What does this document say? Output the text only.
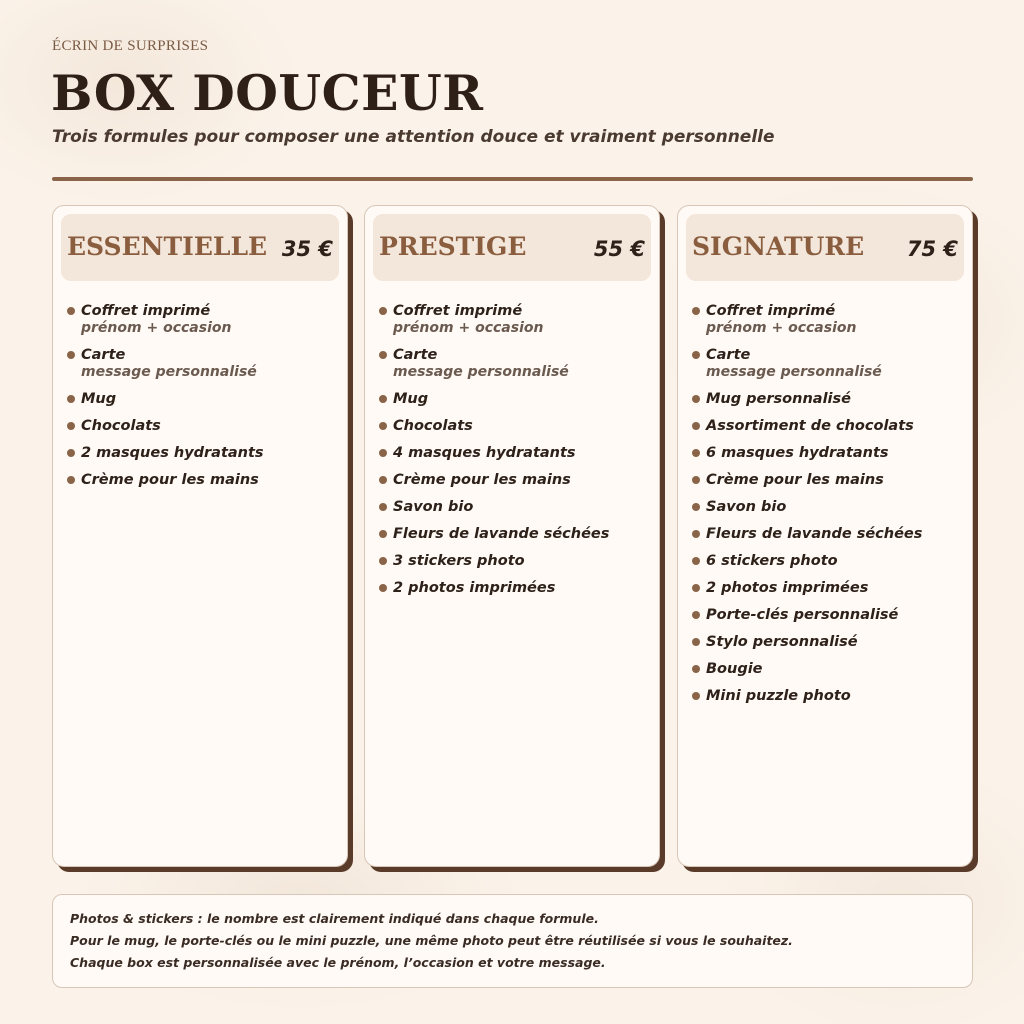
ÉCRIN DE SURPRISES
BOX DOUCEUR
Trois formules pour composer une attention douce et vraiment personnelle
ESSENTIELLE 35 €
Coffret imprimé
prénom + occasion
Carte
message personnalisé
Mug
Chocolats
2 masques hydratants
Crème pour les mains
PRESTIGE	55 €
Coffret imprimé
prénom + occasion
Carte
message personnalisé
Mug
Chocolats
4 masques hydratants
Crème pour les mains
Savon bio
Fleurs de lavande séchées
3 stickers photo
2 photos imprimées
SIGNATURE 75 €
Coffret imprimé
prénom + occasion
Carte
message personnalisé
Mug personnalisé
Assortiment de chocolats
6 masques hydratants
Crème pour les mains
Savon bio
Fleurs de lavande séchées
6 stickers photo
2 photos imprimées
Porte-clés personnalisé
Stylo personnalisé
Bougie
Mini puzzle photo

Photos & stickers : le nombre est clairement indiqué dans chaque formule.

Pour le mug, le porte-clés ou le mini puzzle, une même photo peut être réutilisée si vous le souhaitez.

Chaque box est personnalisée avec le prénom, l’occasion et votre message.
